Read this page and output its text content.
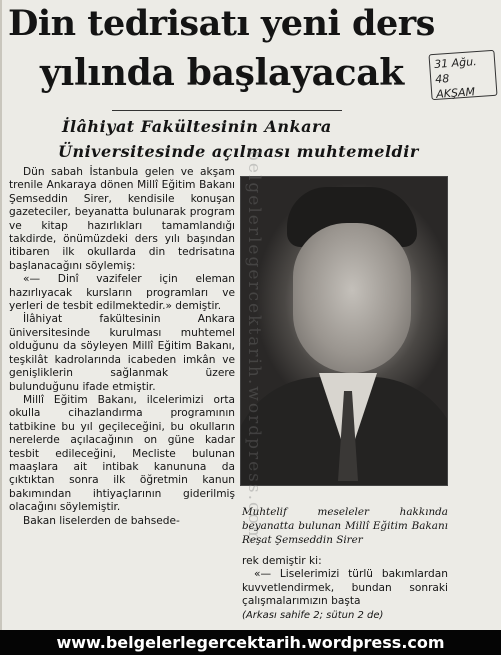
Din tedrisatı yeni ders
yılında başlayacak	31 Ağu. 48 AKŞAM
İlâhiyat Fakültesinin Ankara
Üniversitesinde açılması muhtemeldir

Dün sabah İstanbula gelen ve akşam trenile Ankaraya dönen Millî Eğitim Bakanı Şemseddin Sirer, kendisile konuşan gazeteciler, beyanatta bulunarak program ve kitap hazırlıkları tamamlandığı takdirde, önümüzdeki ders yılı başından itibaren ilk okullarda din tedrisatına başlanacağını söylemiş:

«— Dinî vazifeler için eleman hazırlıyacak kursların programları ve yerleri de tesbit edilmektedir.» demiştir.

İlâhiyat fakültesinin Ankara üniversitesinde kurulması muhtemel olduğunu da söyleyen Millî Eğitim Bakanı, teşkilât kadrolarında icabeden imkân ve genişliklerin sağlanmak üzere bulunduğunu ifade etmiştir.

Millî Eğitim Bakanı, ilcelerimizi orta okulla cihazlandırma programının tatbikine bu yıl geçileceğini, bu okulların nerelerde açılacağının on güne kadar tesbit edileceğini, Mecliste bulunan maaşlara ait intibak kanununa da çıktıktan sonra ilk öğretmin kanun bakımından ihtiyaçlarının giderilmiş olacağını söylemiştir.

Bakan liselerden de bahsede-	belgelerlegercektarih.wordpress.com
Muhtelif meseleler hakkında beyanatta bulunan Millî Eğitim Bakanı Reşat Şemseddin Sirer

rek demiştir ki:

«— Liselerimizi türlü bakımlardan kuvvetlendirmek, bundan sonraki çalışmalarımızın başta

(Arkası sahife 2; sütun 2 de)

www.belgelerlegercektarih.wordpress.com
